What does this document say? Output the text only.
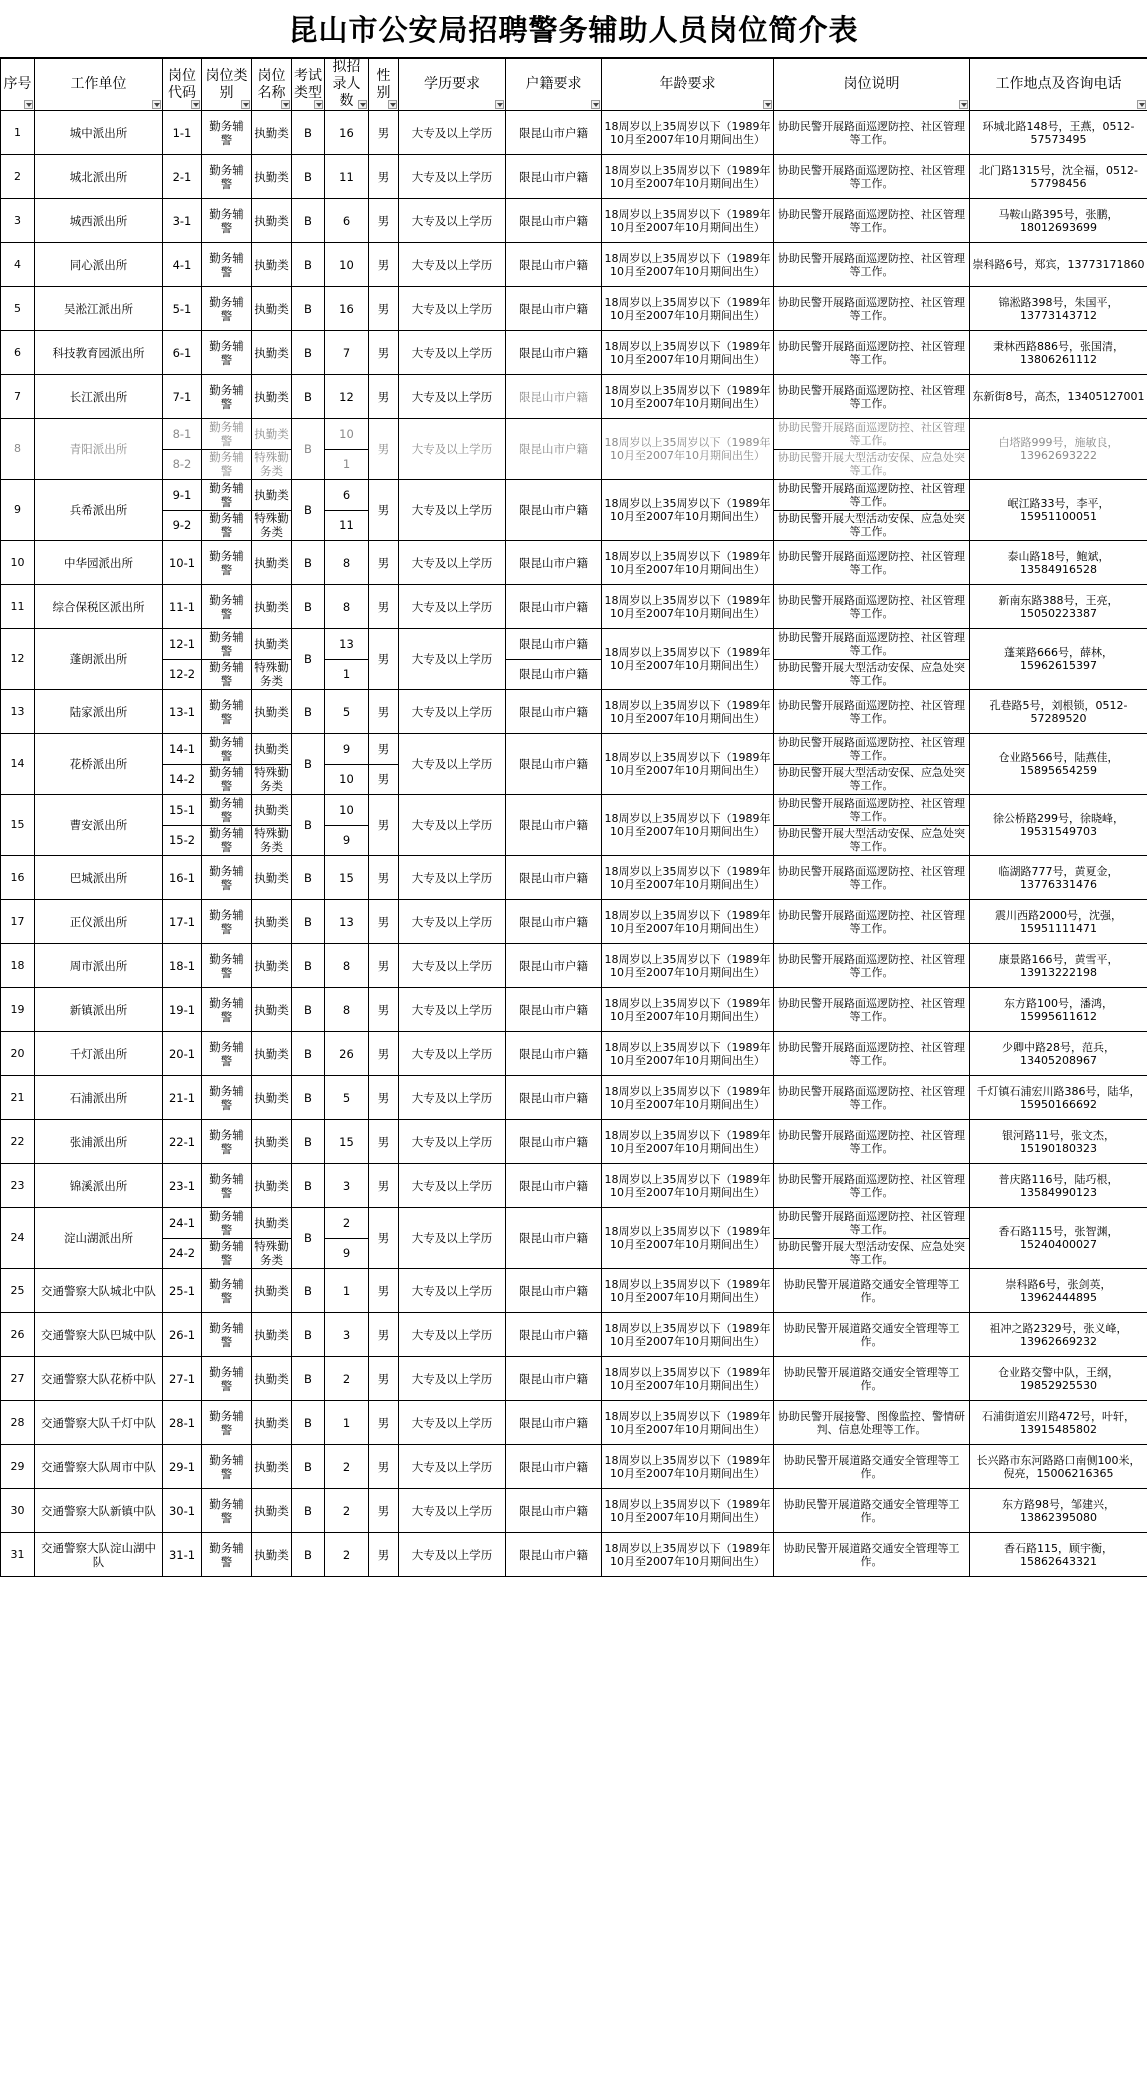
昆山市公安局招聘警务辅助人员岗位简介表
序号	工作单位	岗位代码	岗位类别	岗位名称	考试类型	拟招录人数	性别	学历要求	户籍要求	年龄要求	岗位说明	工作地点及咨询电话

1	城中派出所	1-1	勤务辅警	执勤类	B	16	男	大专及以上学历	限昆山市户籍	18周岁以上35周岁以下（1989年10月至2007年10月期间出生）	协助民警开展路面巡逻防控、社区管理等工作。	环城北路148号，王燕，0512-57573495
2	城北派出所	2-1	勤务辅警	执勤类	B	11	男	大专及以上学历	限昆山市户籍	18周岁以上35周岁以下（1989年10月至2007年10月期间出生）	协助民警开展路面巡逻防控、社区管理等工作。	北门路1315号，沈全福，0512-57798456
3	城西派出所	3-1	勤务辅警	执勤类	B	6	男	大专及以上学历	限昆山市户籍	18周岁以上35周岁以下（1989年10月至2007年10月期间出生）	协助民警开展路面巡逻防控、社区管理等工作。	马鞍山路395号，张鹏，18012693699
4	同心派出所	4-1	勤务辅警	执勤类	B	10	男	大专及以上学历	限昆山市户籍	18周岁以上35周岁以下（1989年10月至2007年10月期间出生）	协助民警开展路面巡逻防控、社区管理等工作。	崇科路6号，郑宾，13773171860
5	吴淞江派出所	5-1	勤务辅警	执勤类	B	16	男	大专及以上学历	限昆山市户籍	18周岁以上35周岁以下（1989年10月至2007年10月期间出生）	协助民警开展路面巡逻防控、社区管理等工作。	锦淞路398号，朱国平，13773143712
6	科技教育园派出所	6-1	勤务辅警	执勤类	B	7	男	大专及以上学历	限昆山市户籍	18周岁以上35周岁以下（1989年10月至2007年10月期间出生）	协助民警开展路面巡逻防控、社区管理等工作。	秉林西路886号，张国清，13806261112
7	长江派出所	7-1	勤务辅警	执勤类	B	12	男	大专及以上学历	限昆山市户籍	18周岁以上35周岁以下（1989年10月至2007年10月期间出生）	协助民警开展路面巡逻防控、社区管理等工作。	东新街8号，高杰，13405127001
8	青阳派出所	8-1	勤务辅警	执勤类	B	10	男	大专及以上学历	限昆山市户籍	18周岁以上35周岁以下（1989年10月至2007年10月期间出生）	协助民警开展路面巡逻防控、社区管理等工作。	白塔路999号，施敏良，13962693222
		8-2	勤务辅警	特殊勤务类		1					协助民警开展大型活动安保、应急处突等工作。	
9	兵希派出所	9-1	勤务辅警	执勤类	B	6	男	大专及以上学历	限昆山市户籍	18周岁以上35周岁以下（1989年10月至2007年10月期间出生）	协助民警开展路面巡逻防控、社区管理等工作。	岷江路33号，李平，15951100051
		9-2	勤务辅警	特殊勤务类		11					协助民警开展大型活动安保、应急处突等工作。	
10	中华园派出所	10-1	勤务辅警	执勤类	B	8	男	大专及以上学历	限昆山市户籍	18周岁以上35周岁以下（1989年10月至2007年10月期间出生）	协助民警开展路面巡逻防控、社区管理等工作。	泰山路18号，鲍斌，13584916528
11	综合保税区派出所	11-1	勤务辅警	执勤类	B	8	男	大专及以上学历	限昆山市户籍	18周岁以上35周岁以下（1989年10月至2007年10月期间出生）	协助民警开展路面巡逻防控、社区管理等工作。	新南东路388号，王亮，15050223387
12	蓬朗派出所	12-1	勤务辅警	执勤类	B	13	男	大专及以上学历	限昆山市户籍	18周岁以上35周岁以下（1989年10月至2007年10月期间出生）	协助民警开展路面巡逻防控、社区管理等工作。	蓬莱路666号，薛林，15962615397
		12-2	勤务辅警	特殊勤务类		1			限昆山市户籍		协助民警开展大型活动安保、应急处突等工作。	
13	陆家派出所	13-1	勤务辅警	执勤类	B	5	男	大专及以上学历	限昆山市户籍	18周岁以上35周岁以下（1989年10月至2007年10月期间出生）	协助民警开展路面巡逻防控、社区管理等工作。	孔巷路5号，刘根锁，0512-57289520
14	花桥派出所	14-1	勤务辅警	执勤类	B	9	男	大专及以上学历	限昆山市户籍	18周岁以上35周岁以下（1989年10月至2007年10月期间出生）	协助民警开展路面巡逻防控、社区管理等工作。	仓业路566号，陆燕佳，15895654259
		14-2	勤务辅警	特殊勤务类		10	男				协助民警开展大型活动安保、应急处突等工作。	
15	曹安派出所	15-1	勤务辅警	执勤类	B	10	男	大专及以上学历	限昆山市户籍	18周岁以上35周岁以下（1989年10月至2007年10月期间出生）	协助民警开展路面巡逻防控、社区管理等工作。	徐公桥路299号，徐晓峰，19531549703
		15-2	勤务辅警	特殊勤务类		9					协助民警开展大型活动安保、应急处突等工作。	
16	巴城派出所	16-1	勤务辅警	执勤类	B	15	男	大专及以上学历	限昆山市户籍	18周岁以上35周岁以下（1989年10月至2007年10月期间出生）	协助民警开展路面巡逻防控、社区管理等工作。	临湖路777号，黄夏金，13776331476
17	正仪派出所	17-1	勤务辅警	执勤类	B	13	男	大专及以上学历	限昆山市户籍	18周岁以上35周岁以下（1989年10月至2007年10月期间出生）	协助民警开展路面巡逻防控、社区管理等工作。	震川西路2000号，沈强，15951111471
18	周市派出所	18-1	勤务辅警	执勤类	B	8	男	大专及以上学历	限昆山市户籍	18周岁以上35周岁以下（1989年10月至2007年10月期间出生）	协助民警开展路面巡逻防控、社区管理等工作。	康景路166号，黄雪平，13913222198
19	新镇派出所	19-1	勤务辅警	执勤类	B	8	男	大专及以上学历	限昆山市户籍	18周岁以上35周岁以下（1989年10月至2007年10月期间出生）	协助民警开展路面巡逻防控、社区管理等工作。	东方路100号，潘鸿，15995611612
20	千灯派出所	20-1	勤务辅警	执勤类	B	26	男	大专及以上学历	限昆山市户籍	18周岁以上35周岁以下（1989年10月至2007年10月期间出生）	协助民警开展路面巡逻防控、社区管理等工作。	少卿中路28号，范兵，13405208967
21	石浦派出所	21-1	勤务辅警	执勤类	B	5	男	大专及以上学历	限昆山市户籍	18周岁以上35周岁以下（1989年10月至2007年10月期间出生）	协助民警开展路面巡逻防控、社区管理等工作。	千灯镇石浦宏川路386号，陆华，15950166692
22	张浦派出所	22-1	勤务辅警	执勤类	B	15	男	大专及以上学历	限昆山市户籍	18周岁以上35周岁以下（1989年10月至2007年10月期间出生）	协助民警开展路面巡逻防控、社区管理等工作。	银河路11号，张文杰，15190180323
23	锦溪派出所	23-1	勤务辅警	执勤类	B	3	男	大专及以上学历	限昆山市户籍	18周岁以上35周岁以下（1989年10月至2007年10月期间出生）	协助民警开展路面巡逻防控、社区管理等工作。	普庆路116号，陆巧根，13584990123
24	淀山湖派出所	24-1	勤务辅警	执勤类	B	2	男	大专及以上学历	限昆山市户籍	18周岁以上35周岁以下（1989年10月至2007年10月期间出生）	协助民警开展路面巡逻防控、社区管理等工作。	香石路115号，张智渊，15240400027
		24-2	勤务辅警	特殊勤务类		9					协助民警开展大型活动安保、应急处突等工作。	
25	交通警察大队城北中队	25-1	勤务辅警	执勤类	B	1	男	大专及以上学历	限昆山市户籍	18周岁以上35周岁以下（1989年10月至2007年10月期间出生）	协助民警开展道路交通安全管理等工作。	崇科路6号，张剑英，13962444895
26	交通警察大队巴城中队	26-1	勤务辅警	执勤类	B	3	男	大专及以上学历	限昆山市户籍	18周岁以上35周岁以下（1989年10月至2007年10月期间出生）	协助民警开展道路交通安全管理等工作。	祖冲之路2329号，张义峰，13962669232
27	交通警察大队花桥中队	27-1	勤务辅警	执勤类	B	2	男	大专及以上学历	限昆山市户籍	18周岁以上35周岁以下（1989年10月至2007年10月期间出生）	协助民警开展道路交通安全管理等工作。	仓业路交警中队，王纲，19852925530
28	交通警察大队千灯中队	28-1	勤务辅警	执勤类	B	1	男	大专及以上学历	限昆山市户籍	18周岁以上35周岁以下（1989年10月至2007年10月期间出生）	协助民警开展接警、图像监控、警情研判、信息处理等工作。	石浦街道宏川路472号，叶轩，13915485802
29	交通警察大队周市中队	29-1	勤务辅警	执勤类	B	2	男	大专及以上学历	限昆山市户籍	18周岁以上35周岁以下（1989年10月至2007年10月期间出生）	协助民警开展道路交通安全管理等工作。	长兴路市东河路路口南侧100米，倪亮，15006216365
30	交通警察大队新镇中队	30-1	勤务辅警	执勤类	B	2	男	大专及以上学历	限昆山市户籍	18周岁以上35周岁以下（1989年10月至2007年10月期间出生）	协助民警开展道路交通安全管理等工作。	东方路98号，邹建兴，13862395080
31	交通警察大队淀山湖中队	31-1	勤务辅警	执勤类	B	2	男	大专及以上学历	限昆山市户籍	18周岁以上35周岁以下（1989年10月至2007年10月期间出生）	协助民警开展道路交通安全管理等工作。	香石路115，顾宇衡，15862643321
